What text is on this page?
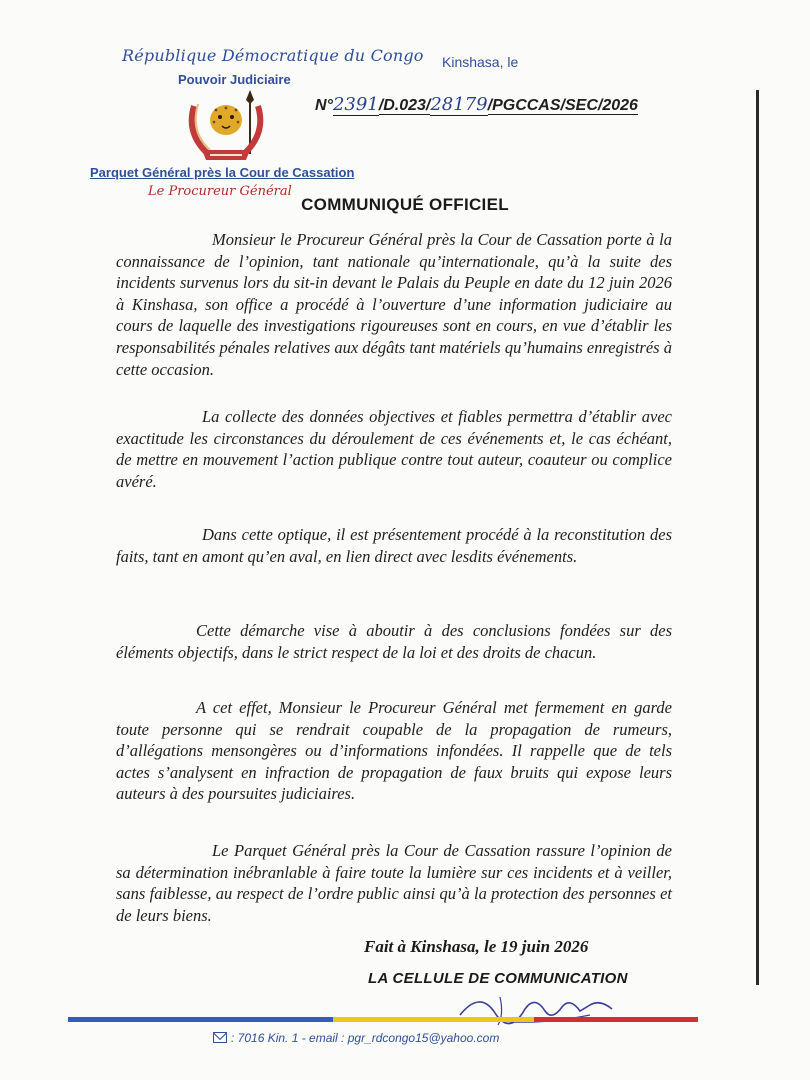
République Démocratique du Congo
Pouvoir Judiciaire
Kinshasa, le
N°2391/D.023/28179/PGCCAS/SEC/2026
Parquet Général près la Cour de Cassation
Le Procureur Général
COMMUNIQUÉ OFFICIEL
Monsieur le Procureur Général près la Cour de Cassation porte à la connaissance de l’opinion, tant nationale qu’internationale, qu’à la suite des incidents survenus lors du sit-in devant le Palais du Peuple en date du 12 juin 2026 à Kinshasa, son office a procédé à l’ouverture d’une information judiciaire au cours de laquelle des investigations rigoureuses sont en cours, en vue d’établir les responsabilités pénales relatives aux dégâts tant matériels qu’humains enregistrés à cette occasion.
La collecte des données objectives et fiables permettra d’établir avec exactitude les circonstances du déroulement de ces événements et, le cas échéant, de mettre en mouvement l’action publique contre tout auteur, coauteur ou complice avéré.
Dans cette optique, il est présentement procédé à la reconstitution des faits, tant en amont qu’en aval, en lien direct avec lesdits événements.
Cette démarche vise à aboutir à des conclusions fondées sur des éléments objectifs, dans le strict respect de la loi et des droits de chacun.
A cet effet, Monsieur le Procureur Général met fermement en garde toute personne qui se rendrait coupable de la propagation de rumeurs, d’allégations mensongères ou d’informations infondées. Il rappelle que de tels actes s’analysent en infraction de propagation de faux bruits qui expose leurs auteurs à des poursuites judiciaires.
Le Parquet Général près la Cour de Cassation rassure l’opinion de sa détermination inébranlable à faire toute la lumière sur ces incidents et à veiller, sans faiblesse, au respect de l’ordre public ainsi qu’à la protection des personnes et de leurs biens.
Fait à Kinshasa, le 19 juin 2026
LA CELLULE DE COMMUNICATION
: 7016 Kin. 1 - email : pgr_rdcongo15@yahoo.com
